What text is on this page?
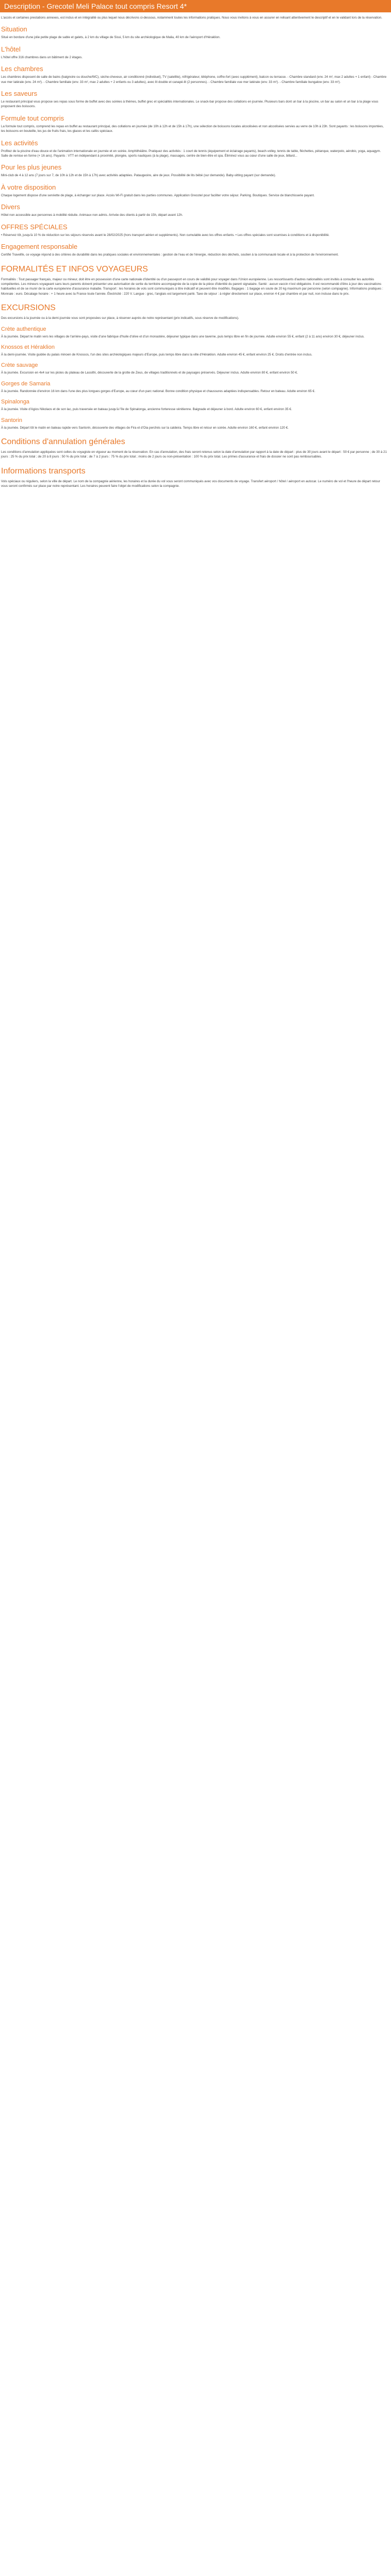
Description - Grecotel Meli Palace tout compris Resort 4*

L'accès et certaines prestations annexes, est inclus et en intégralité ou plus lequel nous décrivons ci-dessous, notamment toutes les informations pratiques. Nous vous invitons à vous en assurer en relisant attentivement le descriptif et en le validant lors de la réservation.

Situation

Situé en bordure d'une jolie petite plage de sable et galets, à 2 km du village de Sissi, 5 km du site archéologique de Malia, 40 km de l'aéroport d'Héraklion.

L'hôtel

L'hôtel offre 316 chambres dans un bâtiment de 2 étages.

Les chambres

Les chambres disposent de salle de bains (baignoire ou douche/WC), sèche-cheveux, air conditionné (individuel), TV (satellite), réfrigérateur, téléphone, coffre-fort (avec supplément), balcon ou terrasse. - Chambre standard (env. 24 m², max 2 adultes + 1 enfant) - Chambre vue mer latérale (env. 24 m²). - Chambre familiale (env. 33 m², max 2 adultes + 2 enfants ou 3 adultes), avec lit double et canapé-lit (2 personnes). - Chambre familiale vue mer latérale (env. 33 m²). - Chambre familiale bungalow (env. 33 m²).

Les saveurs

Le restaurant principal vous propose ses repas sous forme de buffet avec des soirées à thèmes, buffet grec et spécialités internationales. Le snack-bar propose des collations en journée. Plusieurs bars dont un bar à la piscine, un bar au salon et un bar à la plage vous proposent des boissons.

Formule tout compris

La formule tout compris, comprend les repas en buffet au restaurant principal, des collations en journée (de 10h à 12h et de 15h à 17h), une sélection de boissons locales alcoolisées et non alcoolisées servies au verre de 10h à 23h. Sont payants : les boissons importées, les boissons en bouteille, les jus de fruits frais, les glaces et les cafés spéciaux.

Les activités

Profitez de la piscine d'eau douce et de l'animation internationale en journée et en soirée. Amphithéâtre. Pratiquez des activités : 1 court de tennis (équipement et éclairage payants), beach-volley, tennis de table, fléchettes, pétanque, waterpolo, aérobic, yoga, aquagym. Salle de remise en forme (+ 16 ans). Payants : VTT en indépendant à proximité, plongée, sports nautiques (à la plage), massages, centre de bien-être et spa. Éliminez vous au cœur d'une salle de jeux, billard...

Pour les plus jeunes

Mini-club de 4 à 12 ans (7 jours sur 7, de 10h à 12h et de 15h à 17h) avec activités adaptées. Pataugeoire, aire de jeux. Possibilité de lits bébé (sur demande). Baby-sitting payant (sur demande).

À votre disposition

Chaque logement dispose d'une serviette de plage, à échanger sur place. Accès Wi-Fi gratuit dans les parties communes. Application Grecotel pour faciliter votre séjour. Parking. Boutiques. Service de blanchisserie payant.

Divers

Hôtel non accessible aux personnes à mobilité réduite. Animaux non admis. Arrivée des clients à partir de 15h, départ avant 12h.

OFFRES SPÉCIALES

• Réservez tôt, jusqu'à 10 % de réduction sur les séjours réservés avant le 28/02/2025 (hors transport aérien et suppléments). Non cumulable avec les offres enfants. • Les offres spéciales sont soumises à conditions et à disponibilité.

Engagement responsable

Certifié Travelife, ce voyage répond à des critères de durabilité dans les pratiques sociales et environnementales : gestion de l'eau et de l'énergie, réduction des déchets, soutien à la communauté locale et à la protection de l'environnement.

FORMALITÉS ET INFOS VOYAGEURS

Formalités : Tout passager français, majeur ou mineur, doit être en possession d'une carte nationale d'identité ou d'un passeport en cours de validité pour voyager dans l'Union européenne. Les ressortissants d'autres nationalités sont invités à consulter les autorités compétentes. Les mineurs voyageant sans leurs parents doivent présenter une autorisation de sortie du territoire accompagnée de la copie de la pièce d'identité du parent signataire. Santé : aucun vaccin n'est obligatoire. Il est recommandé d'être à jour des vaccinations habituelles et de se munir de la carte européenne d'assurance maladie. Transport : les horaires de vols sont communiqués à titre indicatif et peuvent être modifiés. Bagages : 1 bagage en soute de 20 kg maximum par personne (selon compagnie). Informations pratiques : Monnaie : euro. Décalage horaire : + 1 heure avec la France toute l'année. Électricité : 220 V. Langue : grec, l'anglais est largement parlé. Taxe de séjour : à régler directement sur place, environ 4 € par chambre et par nuit, non incluse dans le prix.

EXCURSIONS

Des excursions à la journée ou à la demi-journée vous sont proposées sur place, à réserver auprès de notre représentant (prix indicatifs, sous réserve de modifications).

Crète authentique

À la journée. Départ le matin vers les villages de l'arrière-pays, visite d'une fabrique d'huile d'olive et d'un monastère, déjeuner typique dans une taverne, puis temps libre en fin de journée. Adulte environ 55 €, enfant (2 à 11 ans) environ 30 €, déjeuner inclus.

Knossos et Héraklion

À la demi-journée. Visite guidée du palais minoen de Knossos, l'un des sites archéologiques majeurs d'Europe, puis temps libre dans la ville d'Héraklion. Adulte environ 45 €, enfant environ 25 €. Droits d'entrée non inclus.

Crète sauvage

À la journée. Excursion en 4x4 sur les pistes du plateau de Lassithi, découverte de la grotte de Zeus, de villages traditionnels et de paysages préservés. Déjeuner inclus. Adulte environ 80 €, enfant environ 50 €.

Gorges de Samaria

À la journée. Randonnée d'environ 16 km dans l'une des plus longues gorges d'Europe, au cœur d'un parc national. Bonne condition physique et chaussures adaptées indispensables. Retour en bateau. Adulte environ 65 €.

Spinalonga

À la journée. Visite d'Agios Nikolaos et de son lac, puis traversée en bateau jusqu'à l'île de Spinalonga, ancienne forteresse vénitienne. Baignade et déjeuner à bord. Adulte environ 60 €, enfant environ 35 €.

Santorin

À la journée. Départ tôt le matin en bateau rapide vers Santorin, découverte des villages de Fira et d'Oia perchés sur la caldeira. Temps libre et retour en soirée. Adulte environ 160 €, enfant environ 120 €.

Conditions d'annulation générales

Les conditions d'annulation appliquées sont celles du voyagiste en vigueur au moment de la réservation. En cas d'annulation, des frais seront retenus selon la date d'annulation par rapport à la date de départ : plus de 30 jours avant le départ : 50 € par personne ; de 30 à 21 jours : 25 % du prix total ; de 20 à 8 jours : 50 % du prix total ; de 7 à 2 jours : 75 % du prix total ; moins de 2 jours ou non-présentation : 100 % du prix total. Les primes d'assurance et frais de dossier ne sont pas remboursables.

Informations transports

Vols spéciaux ou réguliers, selon la ville de départ. Le nom de la compagnie aérienne, les horaires et la durée du vol vous seront communiqués avec vos documents de voyage. Transfert aéroport / hôtel / aéroport en autocar. Le numéro de vol et l'heure de départ retour vous seront confirmés sur place par notre représentant. Les horaires peuvent faire l'objet de modifications selon la compagnie.
